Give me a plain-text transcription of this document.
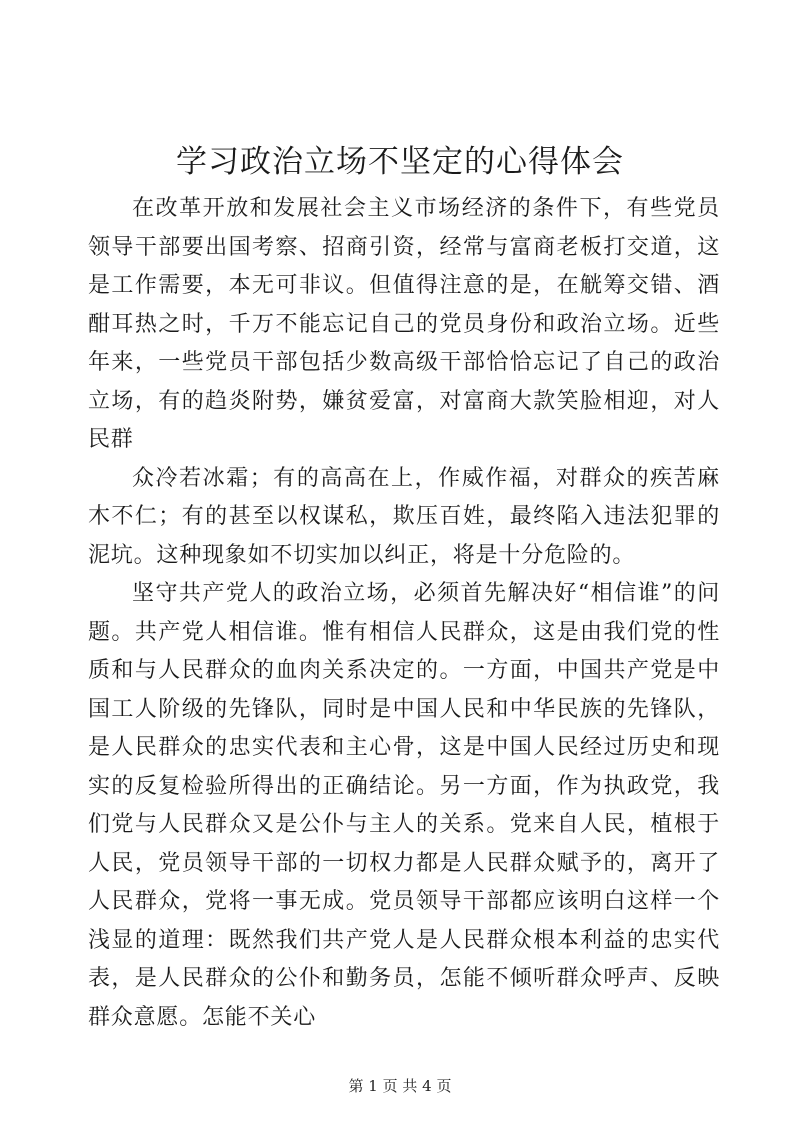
学习政治立场不坚定的心得体会

在改革开放和发展社会主义市场经济的条件下，有些党员领导干部要出国考察、招商引资，经常与富商老板打交道，这是工作需要，本无可非议。但值得注意的是，在觥筹交错、酒酣耳热之时，千万不能忘记自己的党员身份和政治立场。近些年来，一些党员干部包括少数高级干部恰恰忘记了自己的政治立场，有的趋炎附势，嫌贫爱富，对富商大款笑脸相迎，对人民群

众冷若冰霜；有的高高在上，作威作福，对群众的疾苦麻木不仁；有的甚至以权谋私，欺压百姓，最终陷入违法犯罪的泥坑。这种现象如不切实加以纠正，将是十分危险的。

坚守共产党人的政治立场，必须首先解决好“相信谁”的问题。共产党人相信谁。惟有相信人民群众，这是由我们党的性质和与人民群众的血肉关系决定的。一方面，中国共产党是中国工人阶级的先锋队，同时是中国人民和中华民族的先锋队，是人民群众的忠实代表和主心骨，这是中国人民经过历史和现实的反复检验所得出的正确结论。另一方面，作为执政党，我们党与人民群众又是公仆与主人的关系。党来自人民，植根于人民，党员领导干部的一切权力都是人民群众赋予的，离开了人民群众，党将一事无成。党员领导干部都应该明白这样一个浅显的道理：既然我们共产党人是人民群众根本利益的忠实代表，是人民群众的公仆和勤务员，怎能不倾听群众呼声、反映群众意愿。怎能不关心

第 1 页 共 4 页
